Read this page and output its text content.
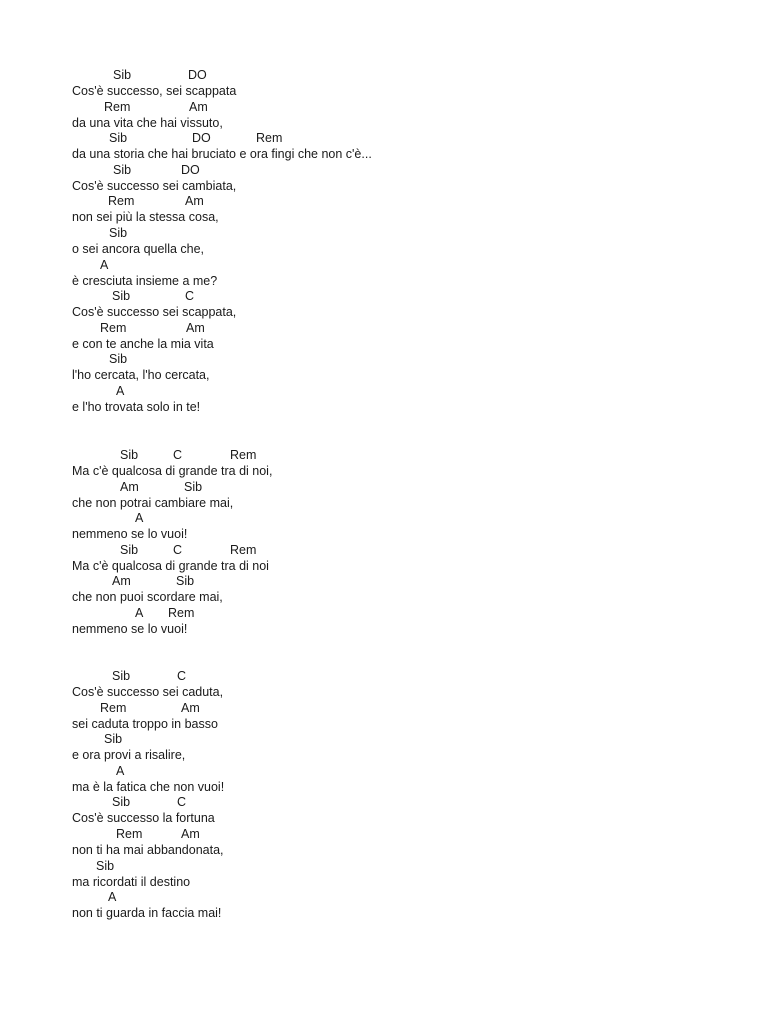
Sib	DO
Cos'è successo, sei scappata
Rem	Am
da una vita che hai vissuto,
Sib	DO	Rem
da una storia che hai bruciato e ora fingi che non c'è...
Sib	DO
Cos'è successo sei cambiata,
Rem	Am
non sei più la stessa cosa,
Sib
o sei ancora quella che,
A
è cresciuta insieme a me?
Sib	C
Cos'è successo sei scappata,
Rem	Am
e con te anche la mia vita
Sib
l'ho cercata, l'ho cercata,
A
e l'ho trovata solo in te!
Sib	C	Rem
Ma c'è qualcosa di grande tra di noi,
Am	Sib
che non potrai cambiare mai,
A
nemmeno se lo vuoi!
Sib	C	Rem
Ma c'è qualcosa di grande tra di noi
Am	Sib
che non puoi scordare mai,
A Rem
nemmeno se lo vuoi!
Sib	C
Cos'è successo sei caduta,
Rem	Am
sei caduta troppo in basso
Sib
e ora provi a risalire,
A
ma è la fatica che non vuoi!
Sib	C
Cos'è successo la fortuna
Rem	Am
non ti ha mai abbandonata,
Sib
ma ricordati il destino
A
non ti guarda in faccia mai!
